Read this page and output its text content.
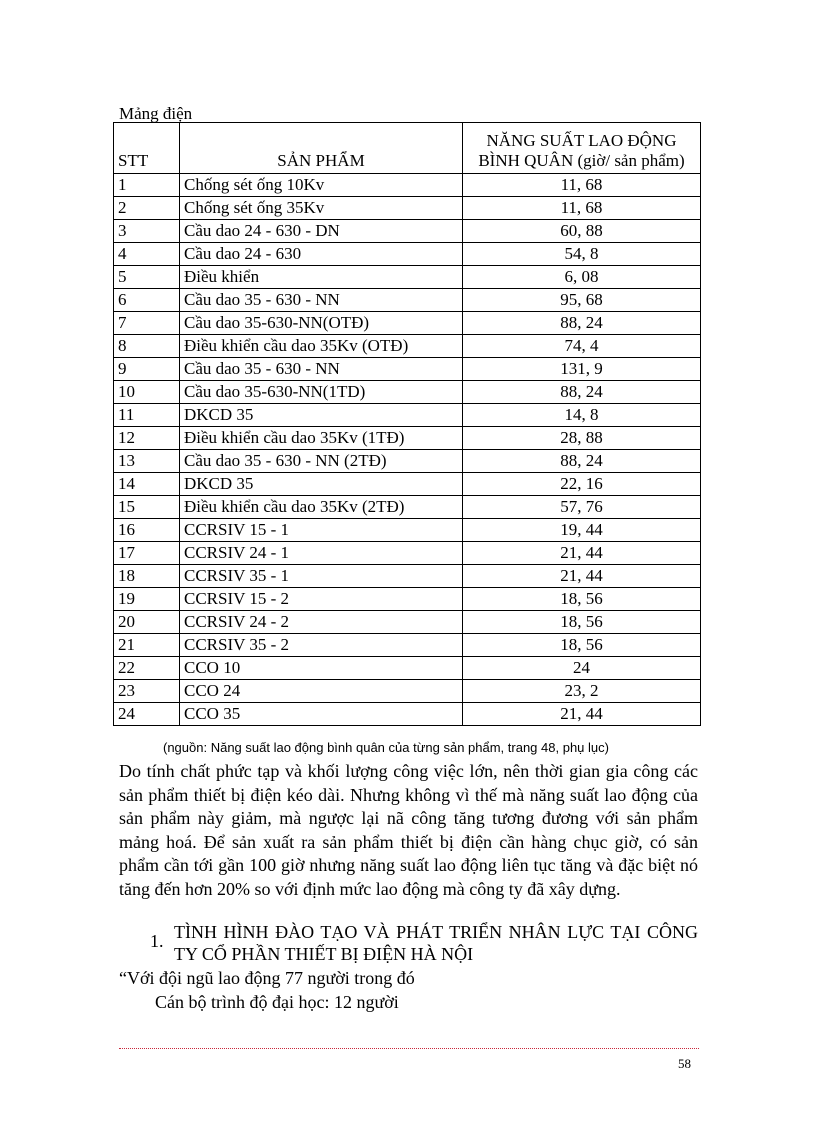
Mảng điện
STT	SẢN PHẨM	NĂNG SUẤT LAO ĐỘNG
BÌNH QUÂN (giờ/ sản phẩm)

1	Chống sét ống 10Kv	11, 68
2	Chống sét ống 35Kv	11, 68
3	Cầu dao 24 - 630 - DN	60, 88
4	Cầu dao 24 - 630	54, 8
5	Điều khiển	6, 08
6	Cầu dao 35 - 630 - NN	95, 68
7	Cầu dao 35-630-NN(OTĐ)	88, 24
8	Điều khiển cầu dao 35Kv (OTĐ)	74, 4
9	Cầu dao 35 - 630 - NN	131, 9
10	Cầu dao 35-630-NN(1TD)	88, 24
11	DKCD 35	14, 8
12	Điều khiển cầu dao 35Kv (1TĐ)	28, 88
13	Cầu dao 35 - 630 - NN (2TĐ)	88, 24
14	DKCD 35	22, 16
15	Điều khiển cầu dao 35Kv (2TĐ)	57, 76
16	CCRSIV 15 - 1	19, 44
17	CCRSIV 24 - 1	21, 44
18	CCRSIV 35 - 1	21, 44
19	CCRSIV 15 - 2	18, 56
20	CCRSIV 24 - 2	18, 56
21	CCRSIV 35 - 2	18, 56
22	CCO 10	24
23	CCO 24	23, 2
24	CCO 35	21, 44
(nguồn: Năng suất lao động bình quân của từng sản phẩm, trang 48, phụ lục)

Do tính chất phức tạp và khối lượng công việc lớn, nên thời gian gia công các sản phẩm thiết bị điện kéo dài. Nhưng không vì thế mà năng suất lao động của sản phẩm này giảm, mà ngược lại nã công tăng tương đương với sản phẩm mảng hoá. Để sản xuất ra sản phẩm thiết bị điện cần hàng chục giờ, có sản phẩm cần tới gần 100 giờ nhưng năng suất lao động liên tục tăng và đặc biệt nó tăng đến hơn 20% so với định mức lao động mà công ty đã xây dựng.

1. TÌNH HÌNH ĐÀO TẠO VÀ PHÁT TRIỂN NHÂN LỰC TẠI CÔNG TY CỔ PHẦN THIẾT BỊ ĐIỆN HÀ NỘI

“Với đội ngũ lao động 77 người trong đó

Cán bộ trình độ đại học: 12 người

58
